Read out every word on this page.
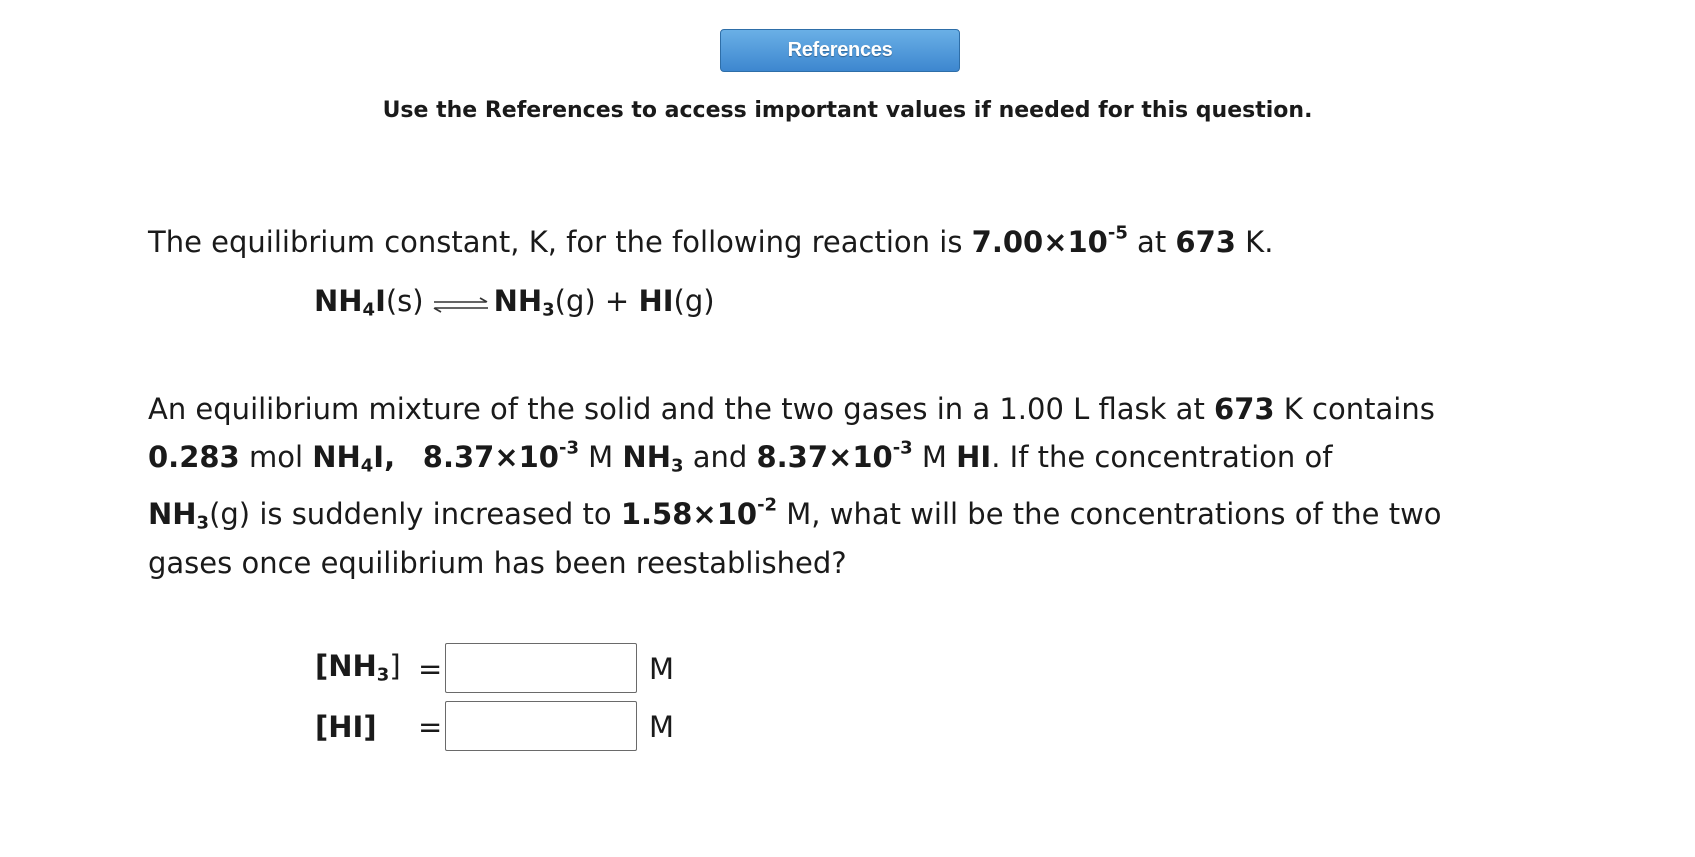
References
Use the References to access important values if needed for this question.
The equilibrium constant, K, for the following reaction is $7.00\times 10^{-5}$ at 673 K.
$NH_4I(s)$ ⇌ $NH_3(g) + HI(g)$
An equilibrium mixture of the solid and the two gases in a 1.00 L flask at 673 K contains
0.283 mol $NH_4I$, $8.37\times 10^{-3}$ M $NH_3$ and $8.37\times 10^{-3}$ M HI. If the concentration of
$NH_3(g)$ is suddenly increased to $1.58\times 10^{-2}$ M, what will be the concentrations of the two
gases once equilibrium has been reestablished?
$[NH_3]$ =	M
[HI] =	M
